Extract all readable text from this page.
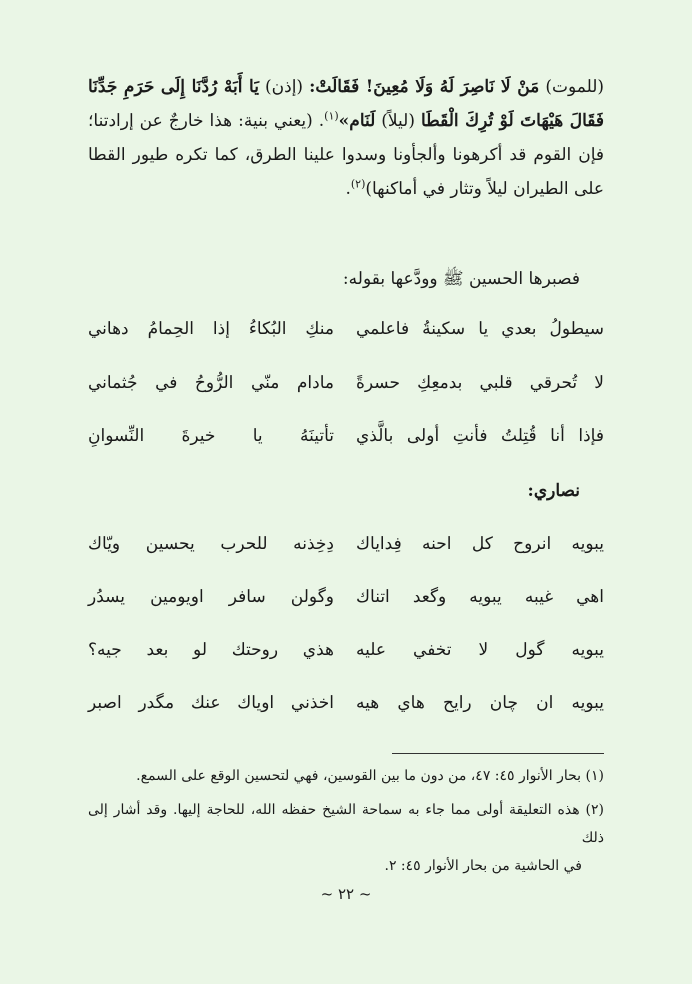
(للموت) مَنْ لَا نَاصِرَ لَهُ وَلَا مُعِينَ! فَقَالَتْ: (إذن) يَا أَبَهْ رُدَّنَا إِلَى حَرَمِ جَدِّنَا فَقَالَ هَيْهَاتَ لَوْ تُرِكَ الْقَطَا (ليلاً) لَنَام»$^{(١)}$. (يعني بنية: هذا خارجٌ عن إرادتنا؛ فإن القوم قد أكرهونا وألجأونا وسدوا علينا الطرق، كما تكره طيور القطا على الطيران ليلاً وتثار في أماكنها)$^{(٢)}$.

فصبرها الحسين ﷺ وودَّعها بقوله:
سيطولُ بعدي يا سكينةُ فاعلمي
منكِ البُكاءُ إذا الحِمامُ دهاني
لا تُحرقي قلبي بدمعِكِ حسرةً
مادام منّي الرُّوحُ في جُثماني
فإذا أنا قُتِلتُ فأنتِ أولى بالَّذي
تأتينَهُ يا خيرةَ النِّسوانِ
نصاري:
يبويه انروح كل احنه فِداياك
دِخِذنه للحرب يحسين ويّاك
اهي غيبه يبويه وگعد اتناك
وگولن سافر اويومين يسدُر
يبويه گول لا تخفي عليه
هذي روحتك لو بعد جيه؟
يبويه ان چان رايح هاي هيه
اخذني اوياك عنك مگدر اصبر

(١) بحار الأنوار ٤٥: ٤٧، من دون ما بين القوسين، فهي لتحسين الوقع على السمع.

(٢) هذه التعليقة أولى مما جاء به سماحة الشيخ حفظه الله، للحاجة إليها. وقد أشار إلى ذلك
في الحاشية من بحار الأنوار ٤٥: ٢.

~ ٢٢ ~
